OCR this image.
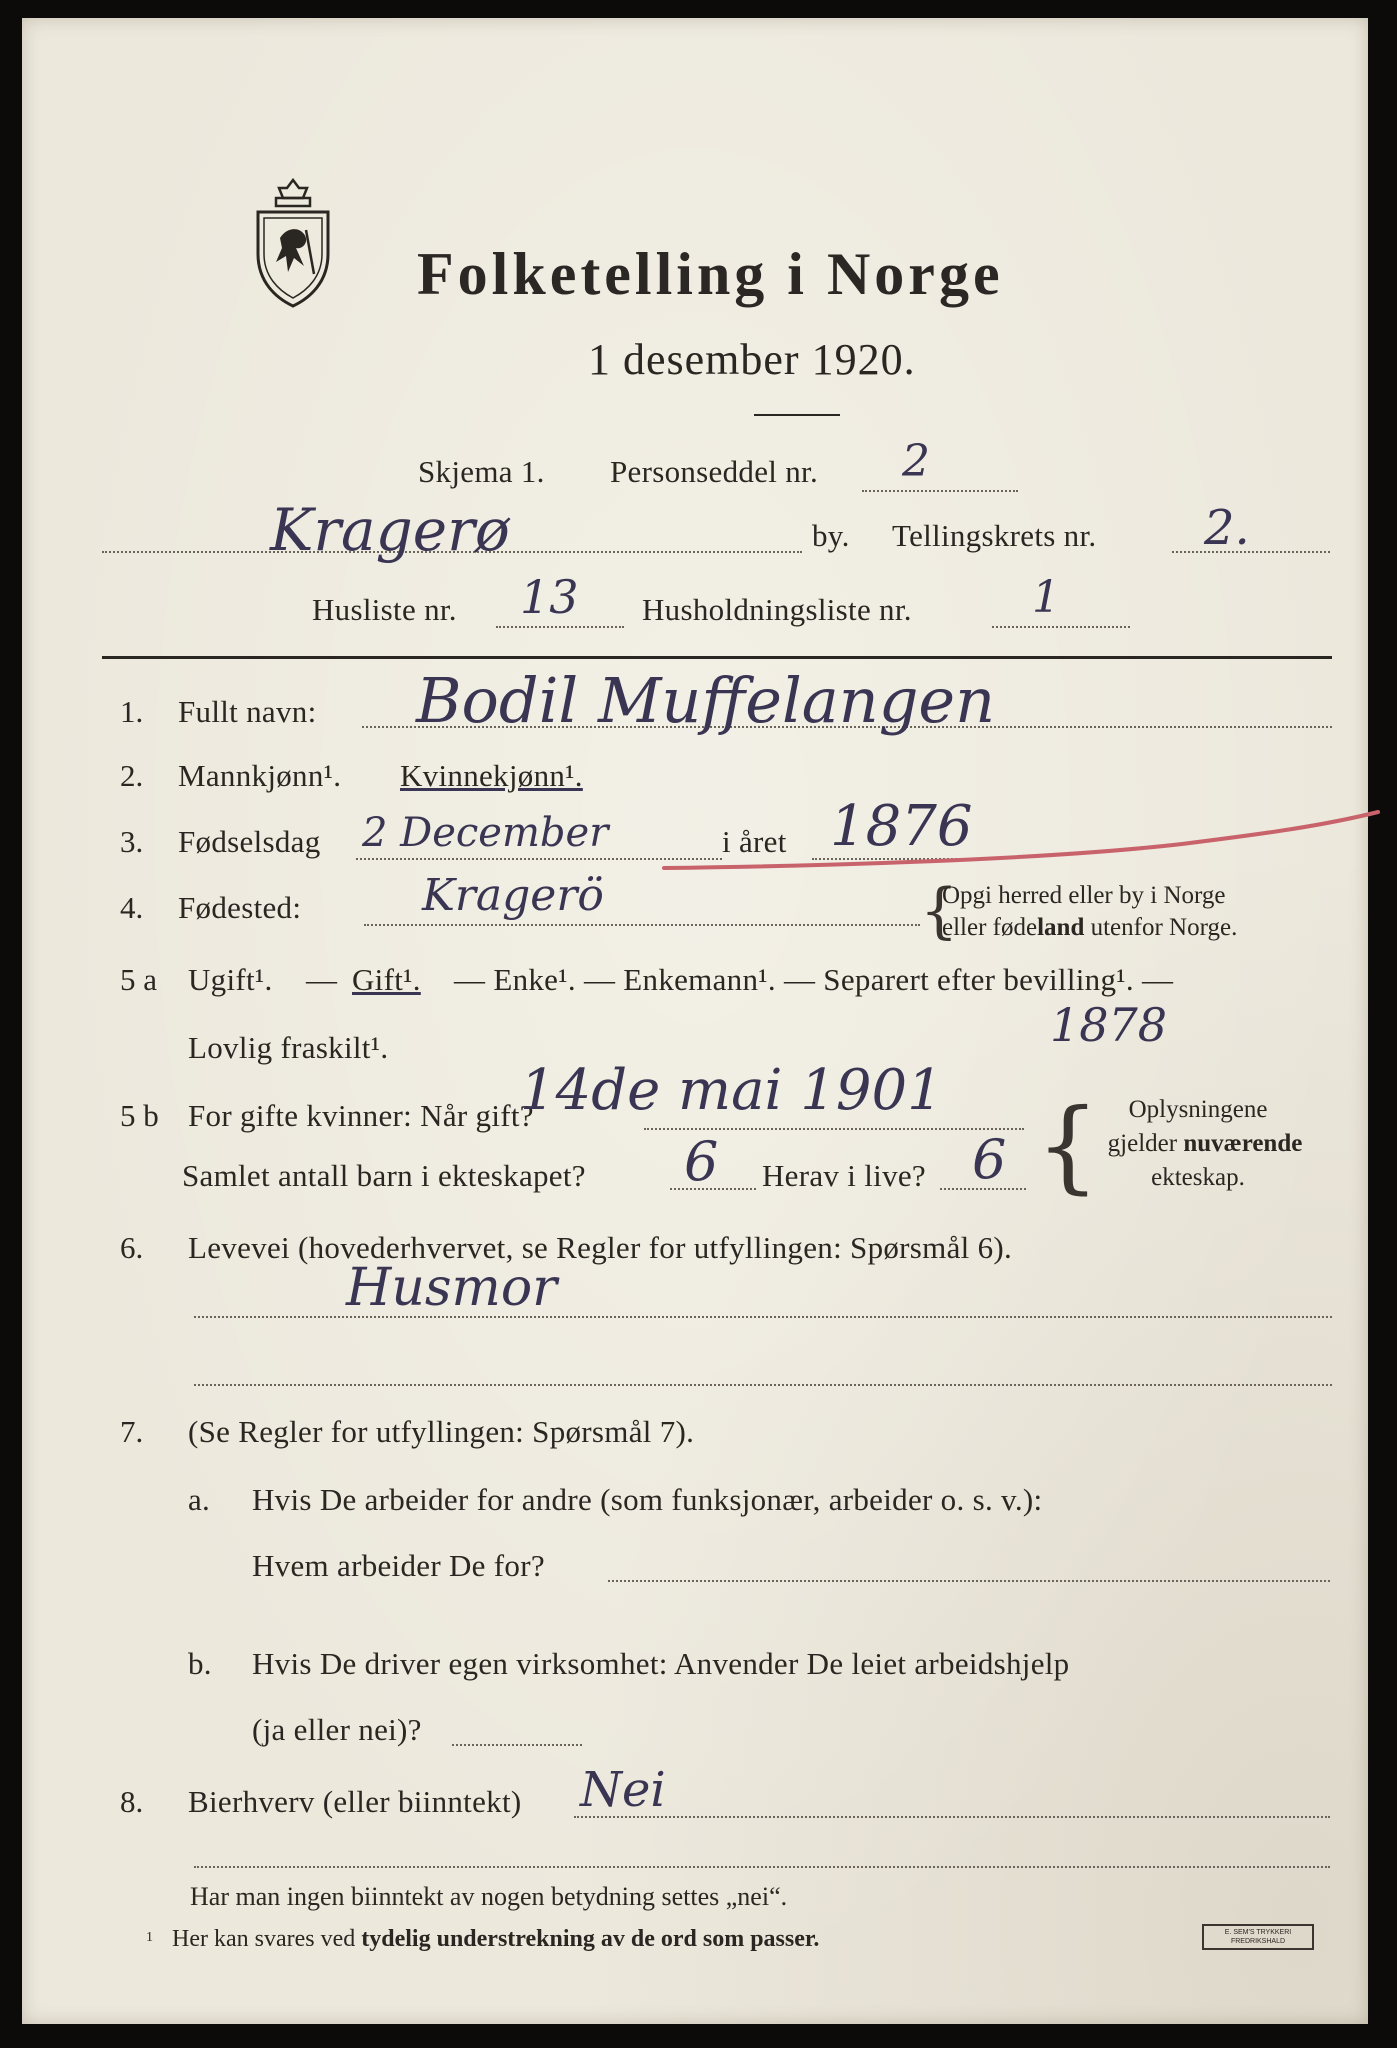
Folketelling i Norge
1 desember 1920.
Skjema 1. Personseddel nr. 2
Kragerø	by. Tellingskrets nr. 2.
Husliste nr. 13 Husholdningsliste nr.	1
1. Fullt navn: Bodil Muffelangen
2. Mannkjønn¹. Kvinnekjønn¹.
3. Fødselsdag 2 December	i året 1876
4. Fødested:	Kragerö	{
Opgi herred eller by i Norge
eller fødeland utenfor Norge.
5 a Ugift¹. — Gift¹. — Enke¹. — Enkemann¹. — Separert efter bevilling¹. —
Lovlig fraskilt¹.	1878
5 b For gifte kvinner: Når gift?
14de mai 1901
Samlet antall barn i ekteskapet? 6 Herav i live? 6 {	Oplysningene
gjelder nuværende
ekteskap.
6. Levevei (hovederhvervet, se Regler for utfyllingen: Spørsmål 6).
Husmor
7. (Se Regler for utfyllingen: Spørsmål 7).
a. Hvis De arbeider for andre (som funksjonær, arbeider o. s. v.):
Hvem arbeider De for?
b. Hvis De driver egen virksomhet: Anvender De leiet arbeidshjelp
(ja eller nei)?
8. Bierhverv (eller biinntekt) Nei
Har man ingen biinntekt av nogen betydning settes „nei“.
1 Her kan svares ved tydelig understrekning av de ord som passer.	E. SEM'S TRYKKERI FREDRIKSHALD
